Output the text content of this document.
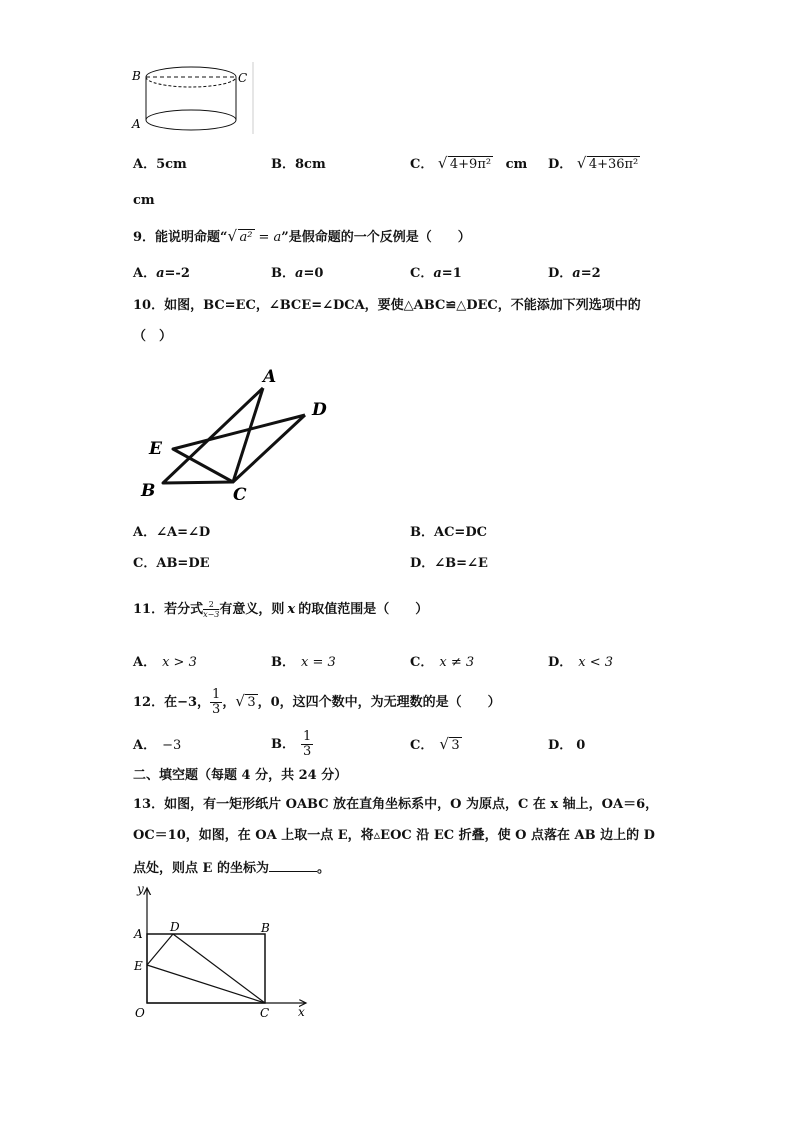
B	C
A
A．5cm	B．8cm	C． √ 4+9π² cm D． √ 4+36π²
cm
9．能说明命题“ √ a² = a”是假命题的一个反例是（　　）
A．a=-2	B．a=0	C．a=1	D．a=2
10．如图，BC=EC，∠BCE=∠DCA，要使△ABC≌△DEC，不能添加下列选项中的
（　）
A
D
E
B	C
A．∠A=∠D	B．AC=DC
C．AB=DE	D．∠B=∠E
11．若分式 $\frac{2}{x-3}$ 有意义，则 x 的取值范围是（　　）
A． x > 3	B． x = 3	C． x ≠ 3	D． x < 3
12．在−3， $\frac{1}{3}$ ， √ 3 ，0，这四个数中，为无理数的是（　　）
A． −3	B． $\frac{1}{3}$	C． √ 3	D． 0
二、填空题（每题 4 分，共 24 分）
13．如图，有一矩形纸片 OABC 放在直角坐标系中，O 为原点，C 在 x 轴上，OA＝6，
OC＝10，如图，在 OA 上取一点 E，将▵EOC 沿 EC 折叠，使 O 点落在 AB 边上的 D
点处，则点 E 的坐标为	。
y
x
A D	B
E
O	C
